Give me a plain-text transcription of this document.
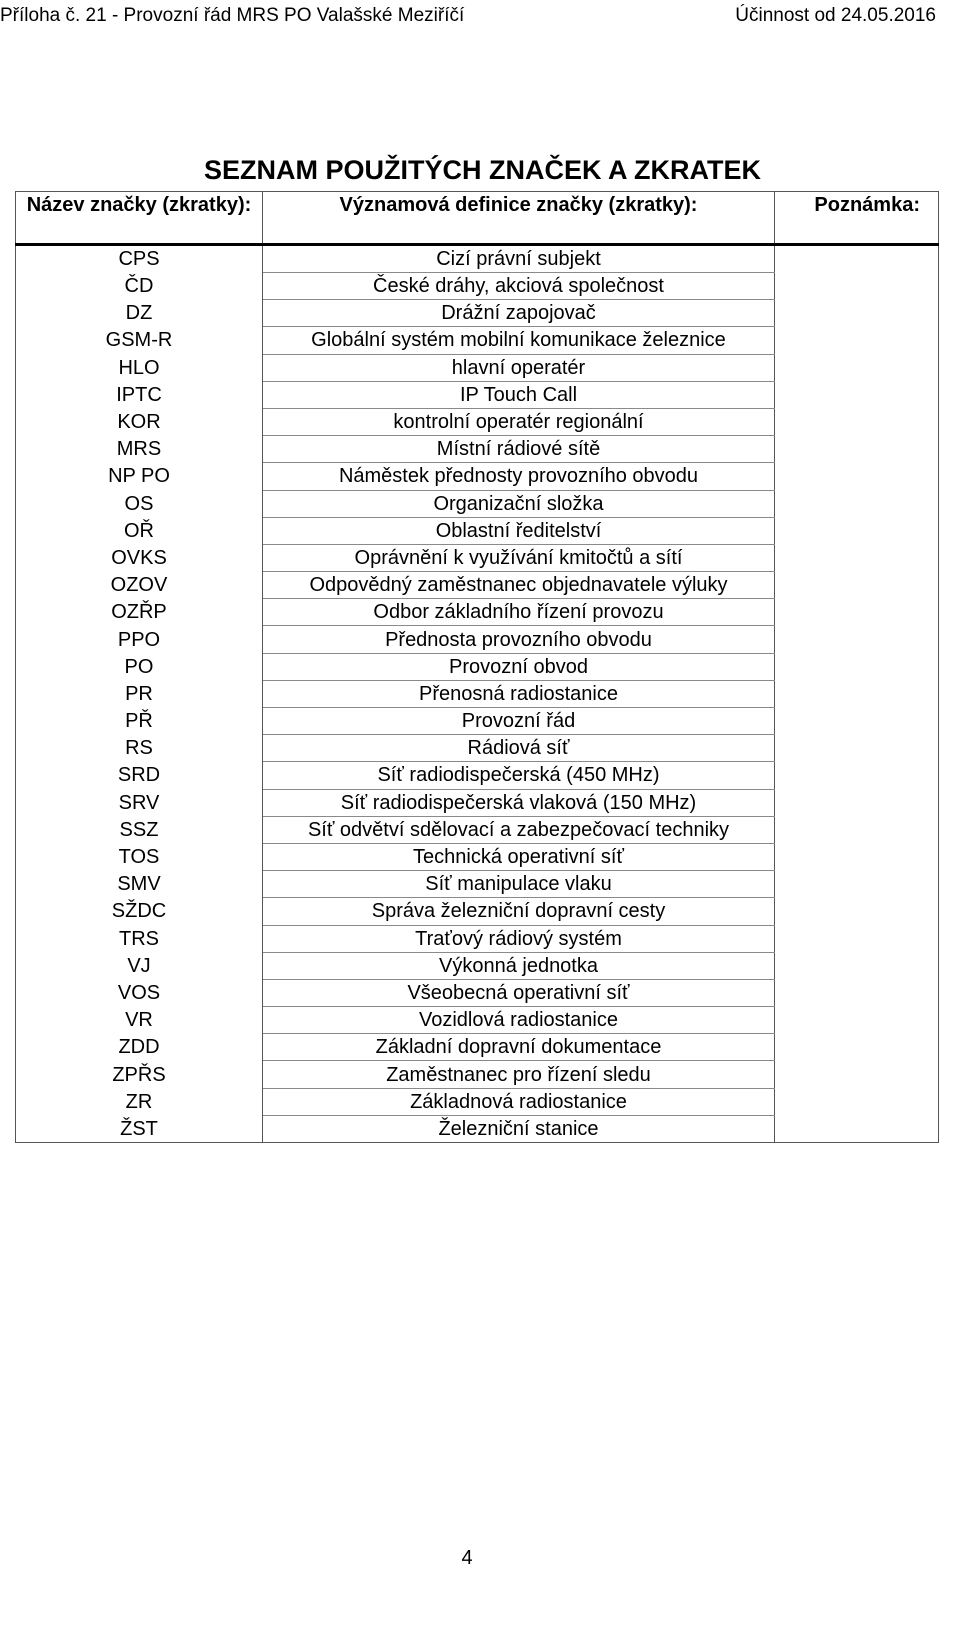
Příloha č. 21 - Provozní řád MRS PO Valašské Meziříčí	Účinnost od 24.05.2016
SEZNAM POUŽITÝCH ZNAČEK A ZKRATEK
Název značky (zkratky):	Významová definice značky (zkratky):	Poznámka:
CPS	Cizí právní subjekt	
ČD	České dráhy, akciová společnost	
DZ	Drážní zapojovač	
GSM-R	Globální systém mobilní komunikace železnice	
HLO	hlavní operatér	
IPTC	IP Touch Call	
KOR	kontrolní operatér regionální	
MRS	Místní rádiové sítě	
NP PO	Náměstek přednosty provozního obvodu	
OS	Organizační složka	
OŘ	Oblastní ředitelství	
OVKS	Oprávnění k využívání kmitočtů a sítí	
OZOV	Odpovědný zaměstnanec objednavatele výluky	
OZŘP	Odbor základního řízení provozu	
PPO	Přednosta provozního obvodu	
PO	Provozní obvod	
PR	Přenosná radiostanice	
PŘ	Provozní řád	
RS	Rádiová síť	
SRD	Síť radiodispečerská (450 MHz)	
SRV	Síť radiodispečerská vlaková (150 MHz)	
SSZ	Síť odvětví sdělovací a zabezpečovací techniky	
TOS	Technická operativní síť	
SMV	Síť manipulace vlaku	
SŽDC	Správa železniční dopravní cesty	
TRS	Traťový rádiový systém	
VJ	Výkonná jednotka	
VOS	Všeobecná operativní síť	
VR	Vozidlová radiostanice	
ZDD	Základní dopravní dokumentace	
ZPŘS	Zaměstnanec pro řízení sledu	
ZR	Základnová radiostanice	
ŽST	Železniční stanice	
4
